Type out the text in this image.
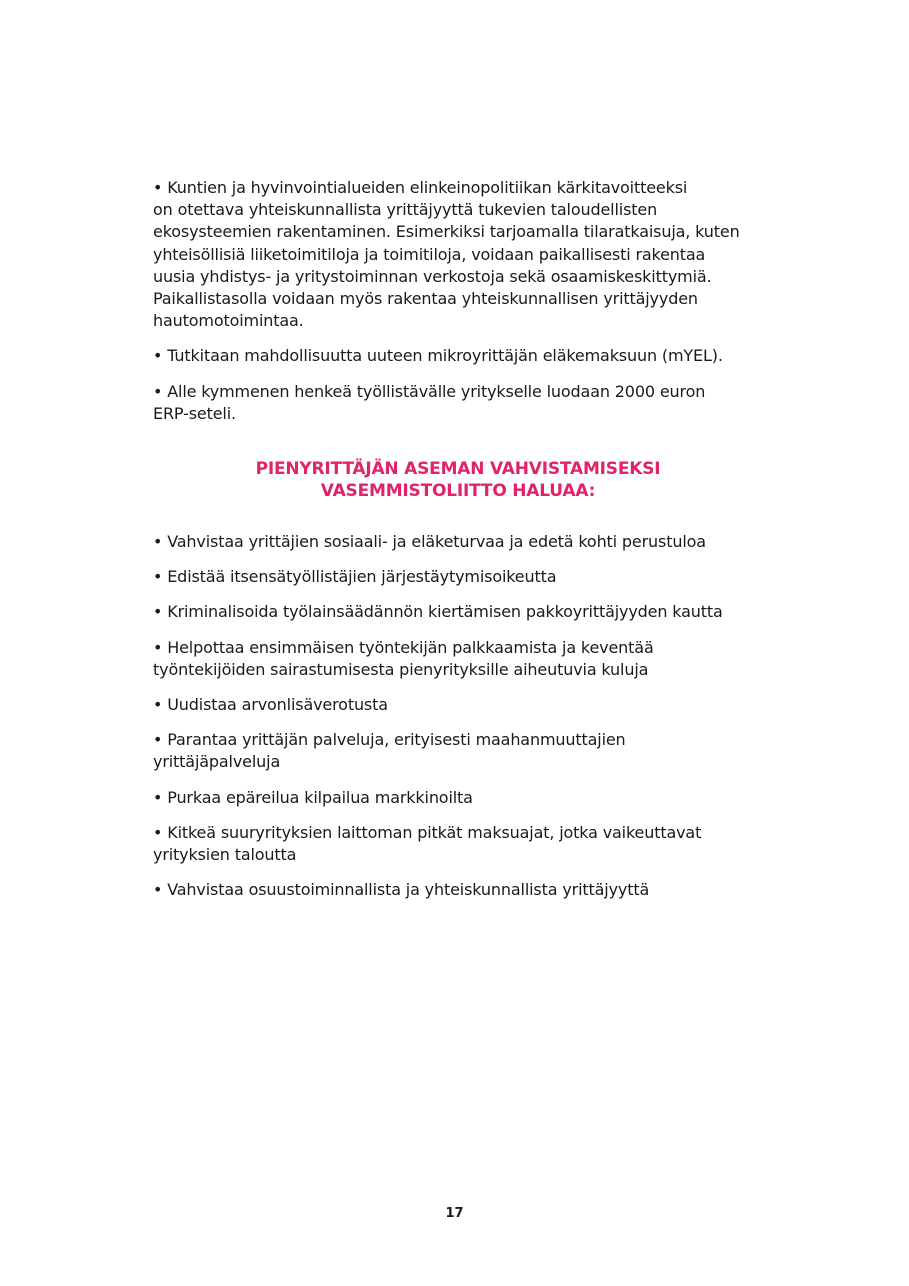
• Kuntien ja hyvinvointialueiden elinkeinopolitiikan kärkitavoitteeksi
on otettava yhteiskunnallista yrittäjyyttä tukevien taloudellisten
ekosysteemien rakentaminen. Esimerkiksi tarjoamalla tilaratkaisuja, kuten
yhteisöllisiä liiketoimitiloja ja toimitiloja, voidaan paikallisesti rakentaa
uusia yhdistys- ja yritystoiminnan verkostoja sekä osaamiskeskittymiä.
Paikallistasolla voidaan myös rakentaa yhteiskunnallisen yrittäjyyden
hautomotoimintaa.

• Tutkitaan mahdollisuutta uuteen mikroyrittäjän eläkemaksuun (mYEL).

• Alle kymmenen henkeä työllistävälle yritykselle luodaan 2000 euron
ERP-seteli.

PIENYRITTÄJÄN ASEMAN VAHVISTAMISEKSI
VASEMMISTOLIITTO HALUAA:

• Vahvistaa yrittäjien sosiaali- ja eläketurvaa ja edetä kohti perustuloa

• Edistää itsensätyöllistäjien järjestäytymisoikeutta

• Kriminalisoida työlainsäädännön kiertämisen pakkoyrittäjyyden kautta

• Helpottaa ensimmäisen työntekijän palkkaamista ja keventää
työntekijöiden sairastumisesta pienyrityksille aiheutuvia kuluja

• Uudistaa arvonlisäverotusta

• Parantaa yrittäjän palveluja, erityisesti maahanmuuttajien
yrittäjäpalveluja

• Purkaa epäreilua kilpailua markkinoilta

• Kitkeä suuryrityksien laittoman pitkät maksuajat, jotka vaikeuttavat
yrityksien taloutta

• Vahvistaa osuustoiminnallista ja yhteiskunnallista yrittäjyyttä

17
